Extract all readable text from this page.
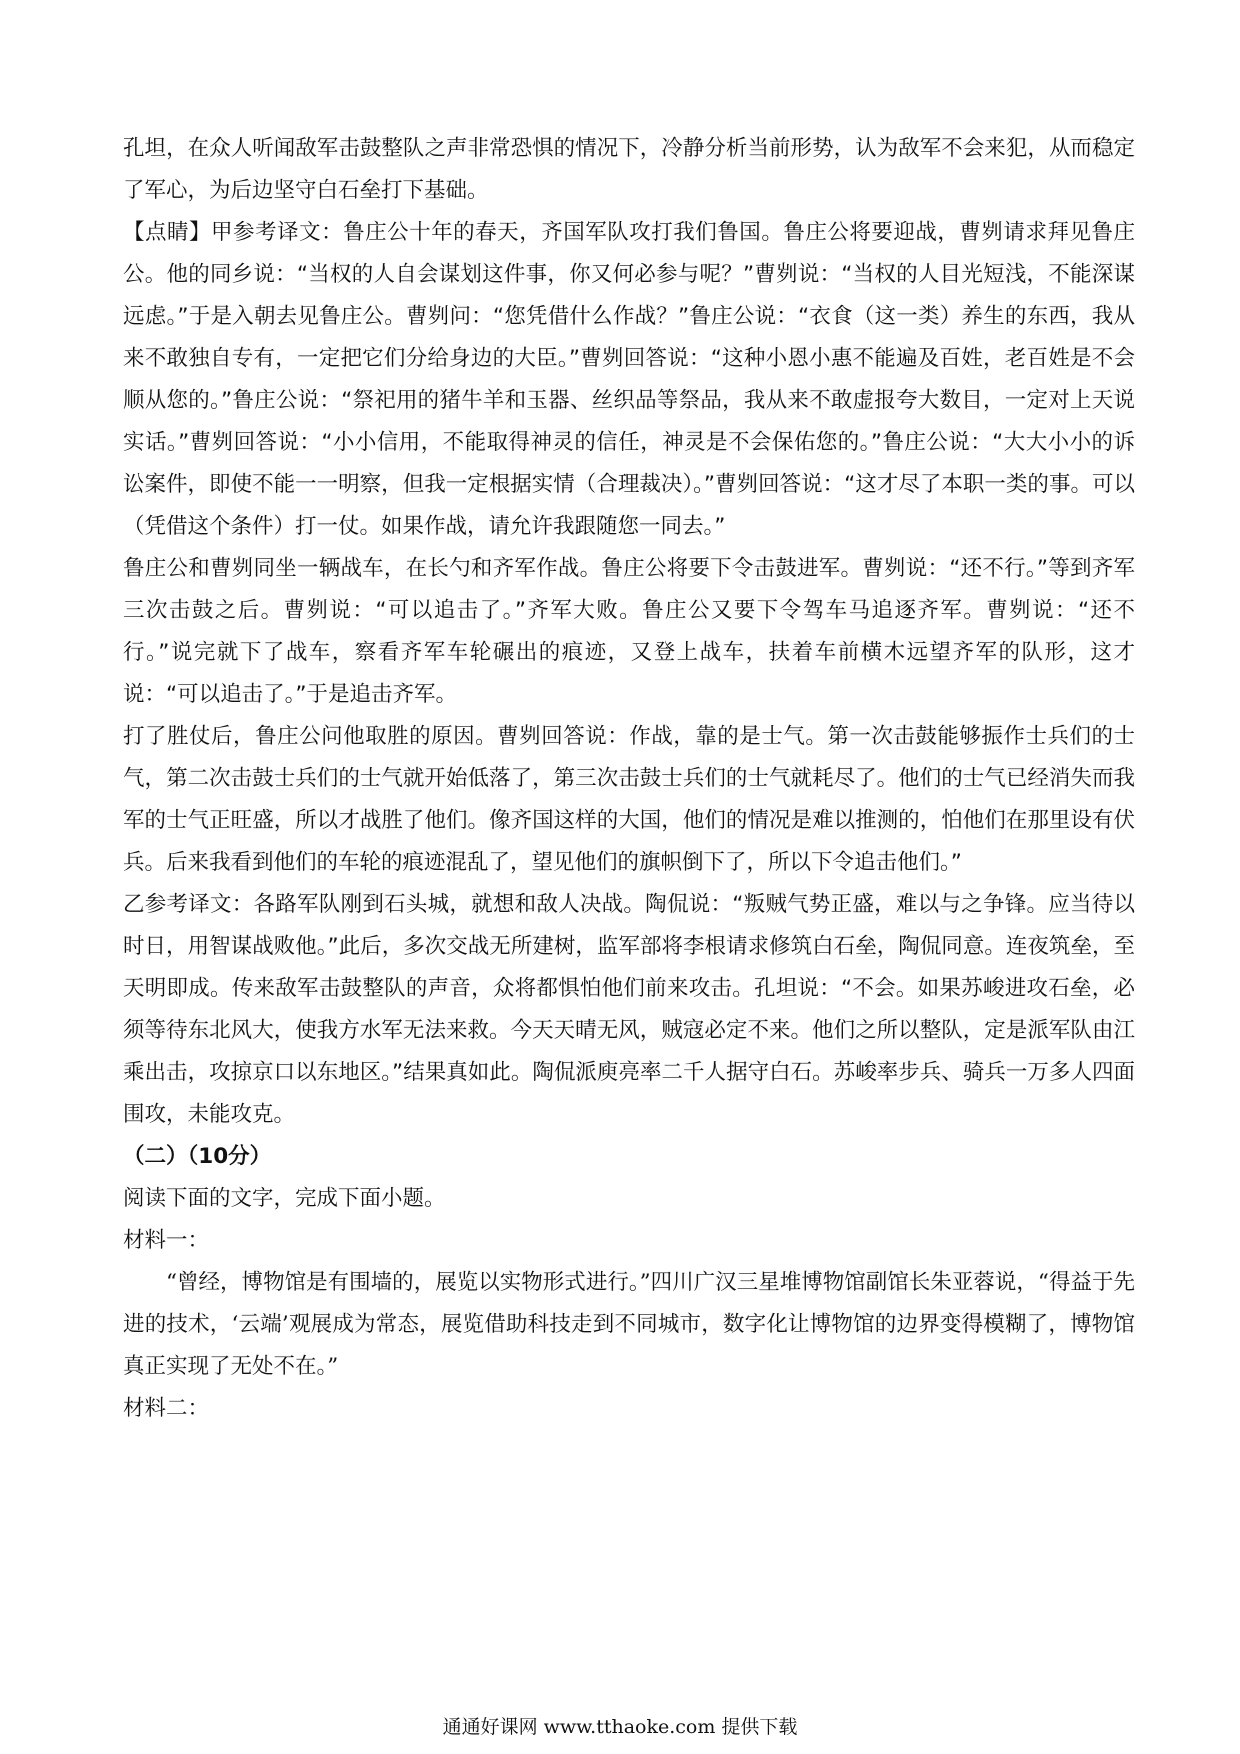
孔坦，在众人听闻敌军击鼓整队之声非常恐惧的情况下，冷静分析当前形势，认为敌军不会来犯，从而稳定了军心，为后边坚守白石垒打下基础。

【点睛】甲参考译文：鲁庄公十年的春天，齐国军队攻打我们鲁国。鲁庄公将要迎战，曹刿请求拜见鲁庄公。他的同乡说：“当权的人自会谋划这件事，你又何必参与呢？”曹刿说：“当权的人目光短浅，不能深谋远虑。”于是入朝去见鲁庄公。曹刿问：“您凭借什么作战？”鲁庄公说：“衣食（这一类）养生的东西，我从来不敢独自专有，一定把它们分给身边的大臣。”曹刿回答说：“这种小恩小惠不能遍及百姓，老百姓是不会顺从您的。”鲁庄公说：“祭祀用的猪牛羊和玉器、丝织品等祭品，我从来不敢虚报夸大数目，一定对上天说实话。”曹刿回答说：“小小信用，不能取得神灵的信任，神灵是不会保佑您的。”鲁庄公说：“大大小小的诉讼案件，即使不能一一明察，但我一定根据实情（合理裁决）。”曹刿回答说：“这才尽了本职一类的事。可以（凭借这个条件）打一仗。如果作战，请允许我跟随您一同去。”

鲁庄公和曹刿同坐一辆战车，在长勺和齐军作战。鲁庄公将要下令击鼓进军。曹刿说：“还不行。”等到齐军三次击鼓之后。曹刿说：“可以追击了。”齐军大败。鲁庄公又要下令驾车马追逐齐军。曹刿说：“还不行。”说完就下了战车，察看齐军车轮碾出的痕迹，又登上战车，扶着车前横木远望齐军的队形，这才说：“可以追击了。”于是追击齐军。

打了胜仗后，鲁庄公问他取胜的原因。曹刿回答说：作战，靠的是士气。第一次击鼓能够振作士兵们的士气，第二次击鼓士兵们的士气就开始低落了，第三次击鼓士兵们的士气就耗尽了。他们的士气已经消失而我军的士气正旺盛，所以才战胜了他们。像齐国这样的大国，他们的情况是难以推测的，怕他们在那里设有伏兵。后来我看到他们的车轮的痕迹混乱了，望见他们的旗帜倒下了，所以下令追击他们。”

乙参考译文：各路军队刚到石头城，就想和敌人决战。陶侃说：“叛贼气势正盛，难以与之争锋。应当待以时日，用智谋战败他。”此后，多次交战无所建树，监军部将李根请求修筑白石垒，陶侃同意。连夜筑垒，至天明即成。传来敌军击鼓整队的声音，众将都惧怕他们前来攻击。孔坦说：“不会。如果苏峻进攻石垒，必须等待东北风大，使我方水军无法来救。今天天晴无风，贼寇必定不来。他们之所以整队，定是派军队由江乘出击，攻掠京口以东地区。”结果真如此。陶侃派庾亮率二千人据守白石。苏峻率步兵、骑兵一万多人四面围攻，未能攻克。

（二）（10分）

阅读下面的文字，完成下面小题。

材料一：

“曾经，博物馆是有围墙的，展览以实物形式进行。”四川广汉三星堆博物馆副馆长朱亚蓉说，“得益于先进的技术，‘云端’观展成为常态，展览借助科技走到不同城市，数字化让博物馆的边界变得模糊了，博物馆真正实现了无处不在。”

材料二：

通通好课网 www.tthaoke.com 提供下载
